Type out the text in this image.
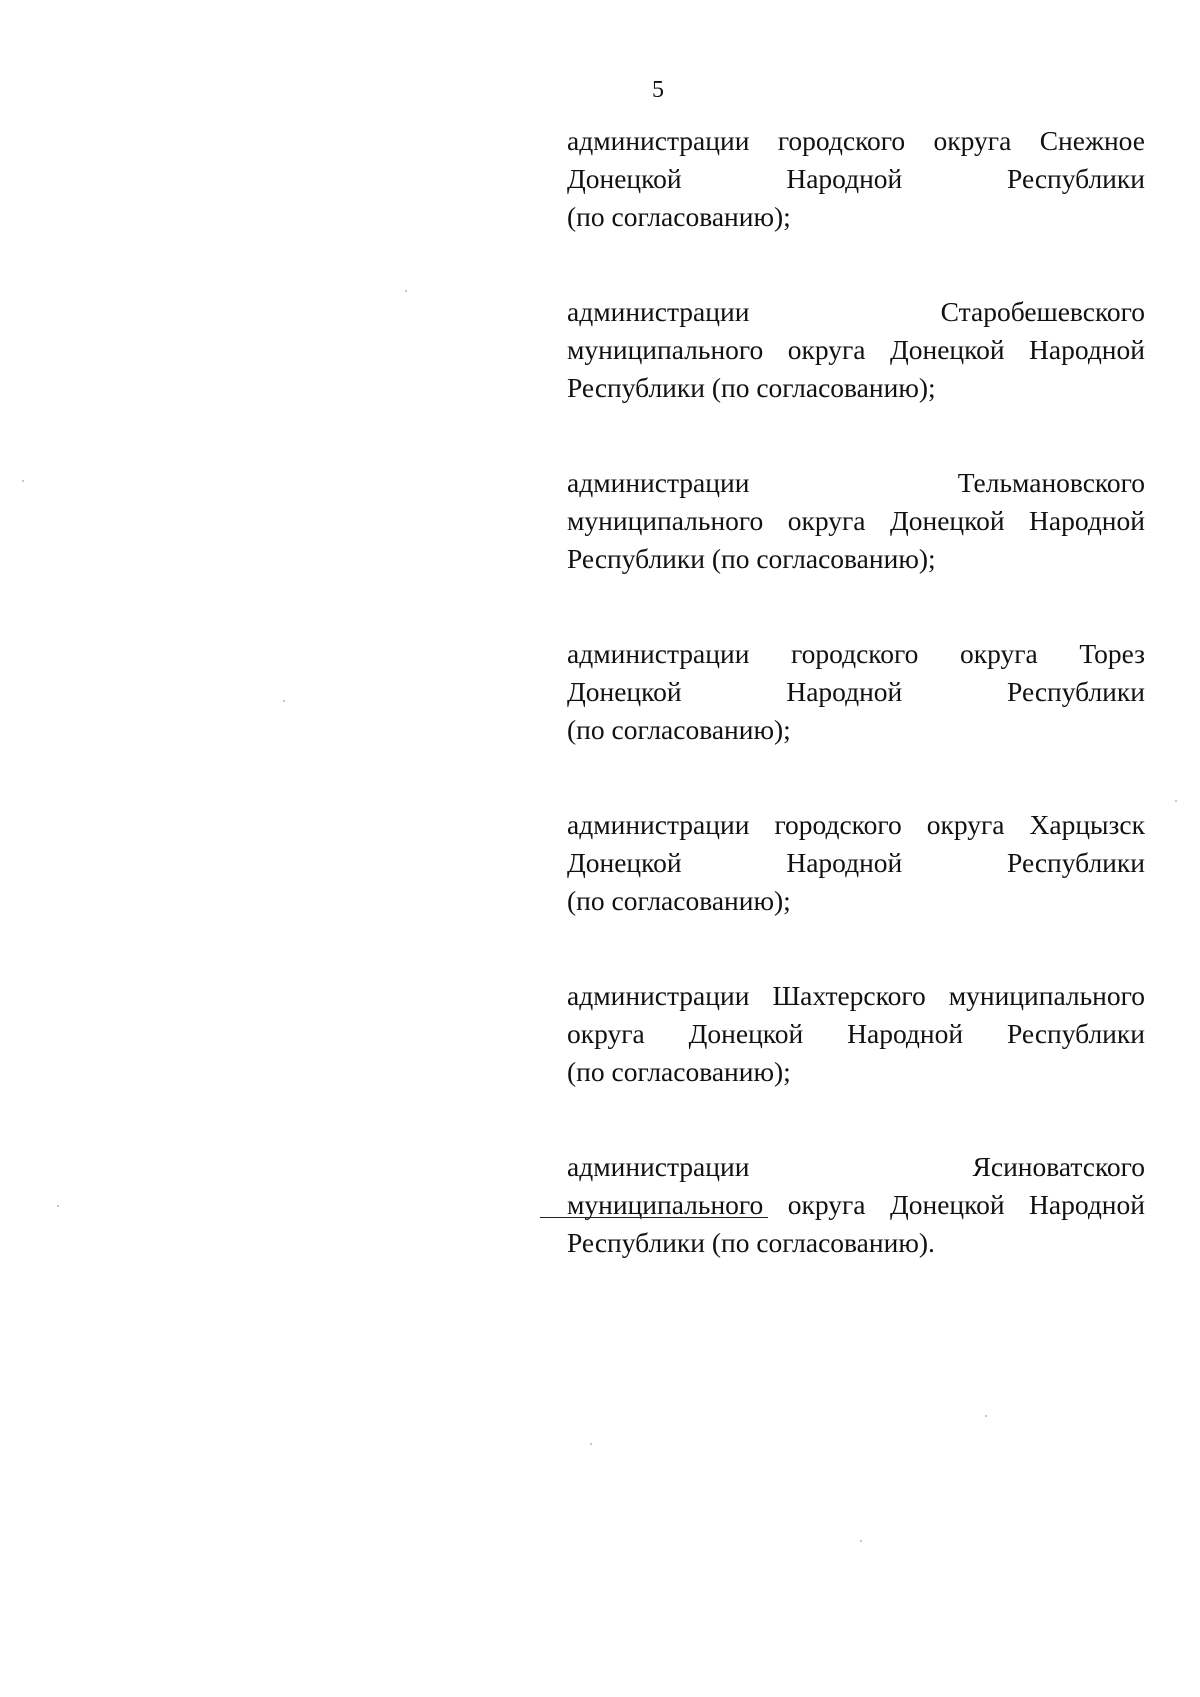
5
администрации городского округа Снежное
Донецкой	Народной	Республики
(по согласованию);
администрации	Старобешевского
муниципального округа Донецкой Народной
Республики (по согласованию);
администрации	Тельмановского
муниципального округа Донецкой Народной
Республики (по согласованию);
администрации городского округа Торез
Донецкой	Народной	Республики
(по согласованию);
администрации городского округа Харцызск
Донецкой	Народной	Республики
(по согласованию);
администрации Шахтерского муниципального
округа Донецкой Народной Республики
(по согласованию);
администрации	Ясиноватского
муниципального округа Донецкой Народной
Республики (по согласованию).
